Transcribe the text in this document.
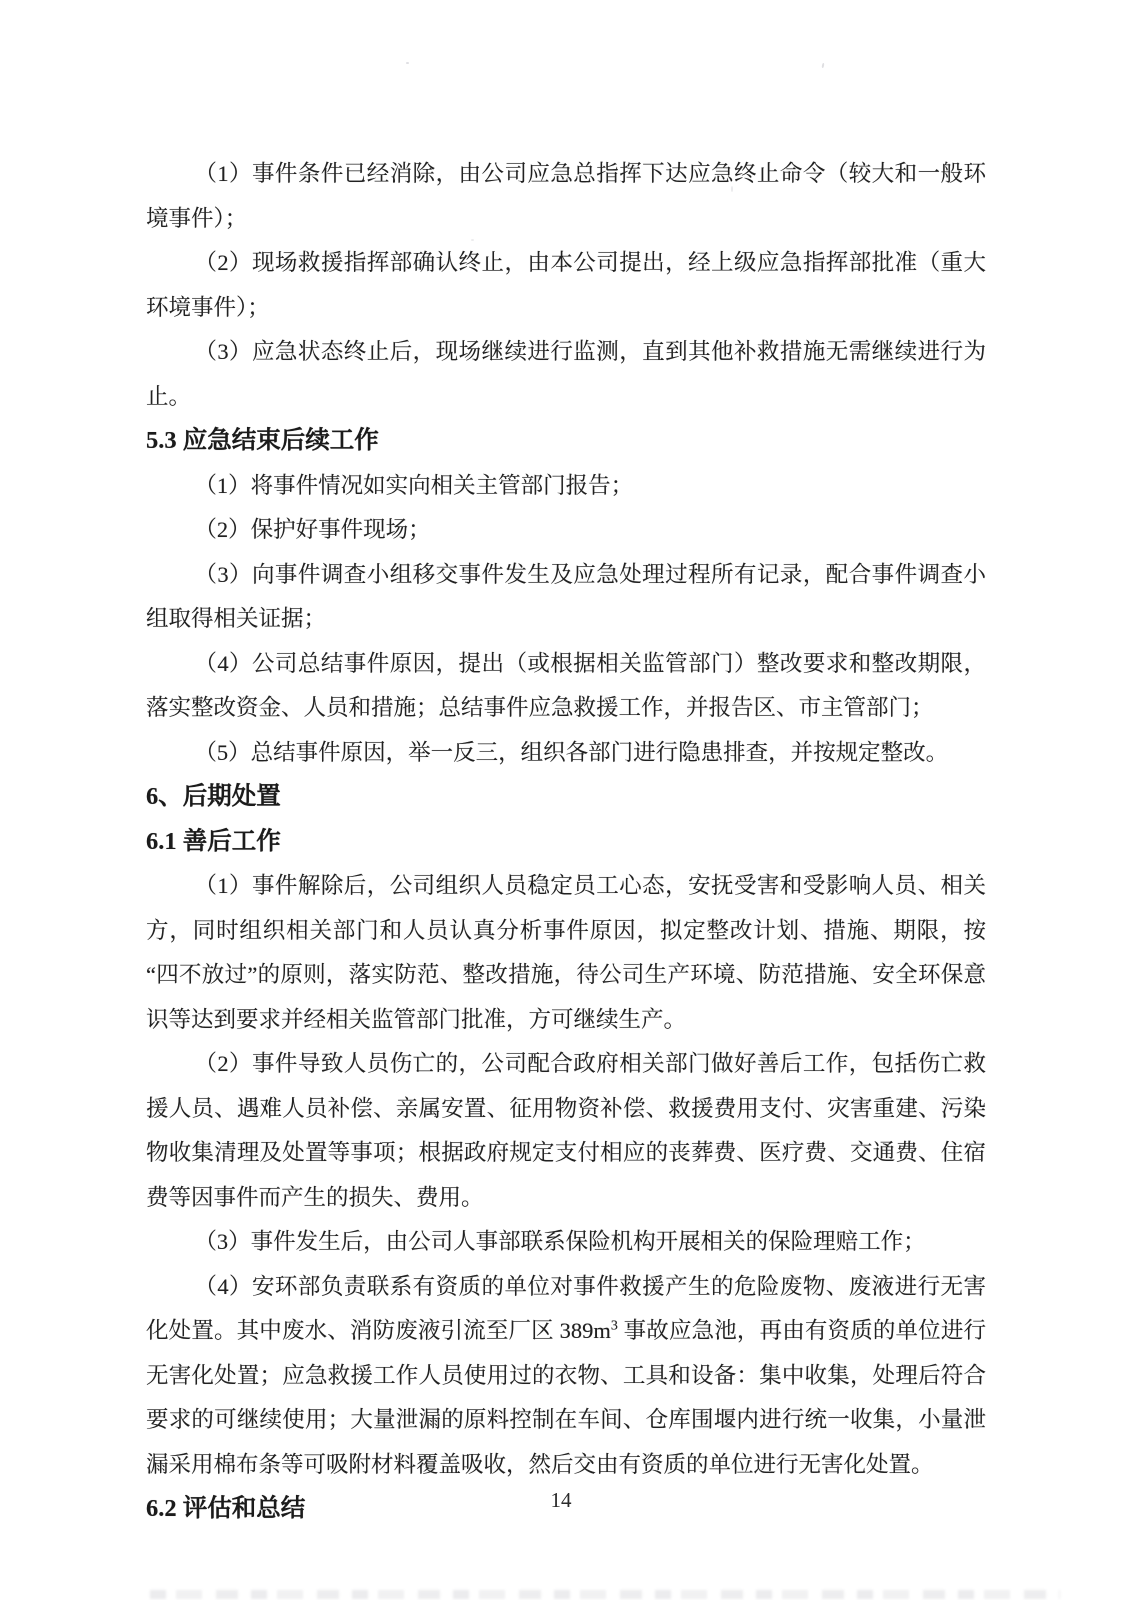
（1）事件条件已经消除，由公司应急总指挥下达应急终止命令（较大和一般环境事件）；

（2）现场救援指挥部确认终止，由本公司提出，经上级应急指挥部批准（重大环境事件）；

（3）应急状态终止后，现场继续进行监测，直到其他补救措施无需继续进行为止。

5.3 应急结束后续工作

（1）将事件情况如实向相关主管部门报告；

（2）保护好事件现场；

（3）向事件调查小组移交事件发生及应急处理过程所有记录，配合事件调查小组取得相关证据；

（4）公司总结事件原因，提出（或根据相关监管部门）整改要求和整改期限，落实整改资金、人员和措施；总结事件应急救援工作，并报告区、市主管部门；

（5）总结事件原因，举一反三，组织各部门进行隐患排查，并按规定整改。

6、后期处置
6.1 善后工作

（1）事件解除后，公司组织人员稳定员工心态，安抚受害和受影响人员、相关方，同时组织相关部门和人员认真分析事件原因，拟定整改计划、措施、期限，按“四不放过”的原则，落实防范、整改措施，待公司生产环境、防范措施、安全环保意识等达到要求并经相关监管部门批准，方可继续生产。

（2）事件导致人员伤亡的，公司配合政府相关部门做好善后工作，包括伤亡救援人员、遇难人员补偿、亲属安置、征用物资补偿、救援费用支付、灾害重建、污染物收集清理及处置等事项；根据政府规定支付相应的丧葬费、医疗费、交通费、住宿费等因事件而产生的损失、费用。

（3）事件发生后，由公司人事部联系保险机构开展相关的保险理赔工作；

（4）安环部负责联系有资质的单位对事件救援产生的危险废物、废液进行无害化处置。其中废水、消防废液引流至厂区 $389m^3$ 事故应急池，再由有资质的单位进行无害化处置；应急救援工作人员使用过的衣物、工具和设备：集中收集，处理后符合要求的可继续使用；大量泄漏的原料控制在车间、仓库围堰内进行统一收集，小量泄漏采用棉布条等可吸附材料覆盖吸收，然后交由有资质的单位进行无害化处置。

6.2 评估和总结	14
